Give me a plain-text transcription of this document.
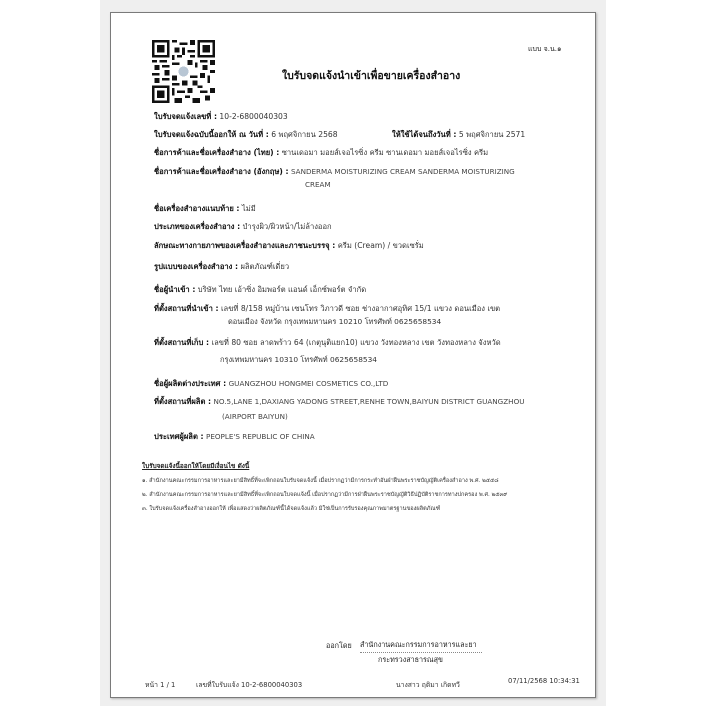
แบบ จ.น.๑
ใบรับจดแจ้งนำเข้าเพื่อขายเครื่องสำอาง
ใบรับจดแจ้งเลขที่ : 10-2-6800040303
ใบรับจดแจ้งฉบับนี้ออกให้ ณ วันที่ : 6 พฤศจิกายน 2568	ให้ใช้ได้จนถึงวันที่ : 5 พฤศจิกายน 2571
ชื่อการค้าและชื่อเครื่องสำอาง (ไทย) : ซานเดอมา มอยส์เจอไรซิ่ง ครีม ซานเดอมา มอยส์เจอไรซิ่ง ครีม
ชื่อการค้าและชื่อเครื่องสำอาง (อังกฤษ) : SANDERMA MOISTURIZING CREAM SANDERMA MOISTURIZING
CREAM
ชื่อเครื่องสำอางแนบท้าย : ไม่มี
ประเภทของเครื่องสำอาง : บำรุงผิว/ผิวหน้า/ไม่ล้างออก
ลักษณะทางกายภาพของเครื่องสำอางและภาชนะบรรจุ : ครีม (Cream) / ขวดเซรั่ม
รูปแบบของเครื่องสำอาง : ผลิตภัณฑ์เดี่ยว
ชื่อผู้นำเข้า : บริษัท ไทย เอ้าซิ่ง อิมพอร์ต แอนด์ เอ็กซ์พอร์ต จำกัด
ที่ตั้งสถานที่นำเข้า : เลขที่ 8/158 หมู่บ้าน เซนโทร วิภาวดี ซอย ช่างอากาศอุทิศ 15/1 แขวง ดอนเมือง เขต
ดอนเมือง จังหวัด กรุงเทพมหานคร 10210 โทรศัพท์ 0625658534
ที่ตั้งสถานที่เก็บ : เลขที่ 80 ซอย ลาดพร้าว 64 (เกตุนุติแยก10) แขวง วังทองหลาง เขต วังทองหลาง จังหวัด
กรุงเทพมหานคร 10310 โทรศัพท์ 0625658534
ชื่อผู้ผลิตต่างประเทศ : GUANGZHOU HONGMEI COSMETICS CO.,LTD
ที่ตั้งสถานที่ผลิต : NO.5,LANE 1,DAXIANG YADONG STREET,RENHE TOWN,BAIYUN DISTRICT GUANGZHOU
(AIRPORT BAIYUN)
ประเทศผู้ผลิต : PEOPLE'S REPUBLIC OF CHINA
ใบรับจดแจ้งนี้ออกให้โดยมีเงื่อนไข ดังนี้
๑. สำนักงานคณะกรรมการอาหารและยามีสิทธิ์ที่จะเพิกถอนใบรับจดแจ้งนี้ เมื่อปรากฏว่ามีการกระทำอันฝ่าฝืนพระราชบัญญัติเครื่องสำอาง พ.ศ. ๒๕๕๘
๒. สำนักงานคณะกรรมการอาหารและยามีสิทธิ์ที่จะเพิกถอนใบจดแจ้งนี้ เมื่อปรากฏว่ามีการฝ่าฝืนพระราชบัญญัติวิธีปฏิบัติราชการทางปกครอง พ.ศ. ๒๕๓๙
๓. ใบรับจดแจ้งเครื่องสำอางออกให้ เพื่อแสดงว่าผลิตภัณฑ์นี้ได้จดแจ้งแล้ว มิใช่เป็นการรับรองคุณภาพมาตรฐานของผลิตภัณฑ์
ออกโดย สำนักงานคณะกรรมการอาหารและยา
กระทรวงสาธารณสุข
หน้า 1 / 1	เลขที่ใบรับแจ้ง 10-2-6800040303	นางสาว ฤติมา เกิดทวี	07/11/2568 10:34:31
